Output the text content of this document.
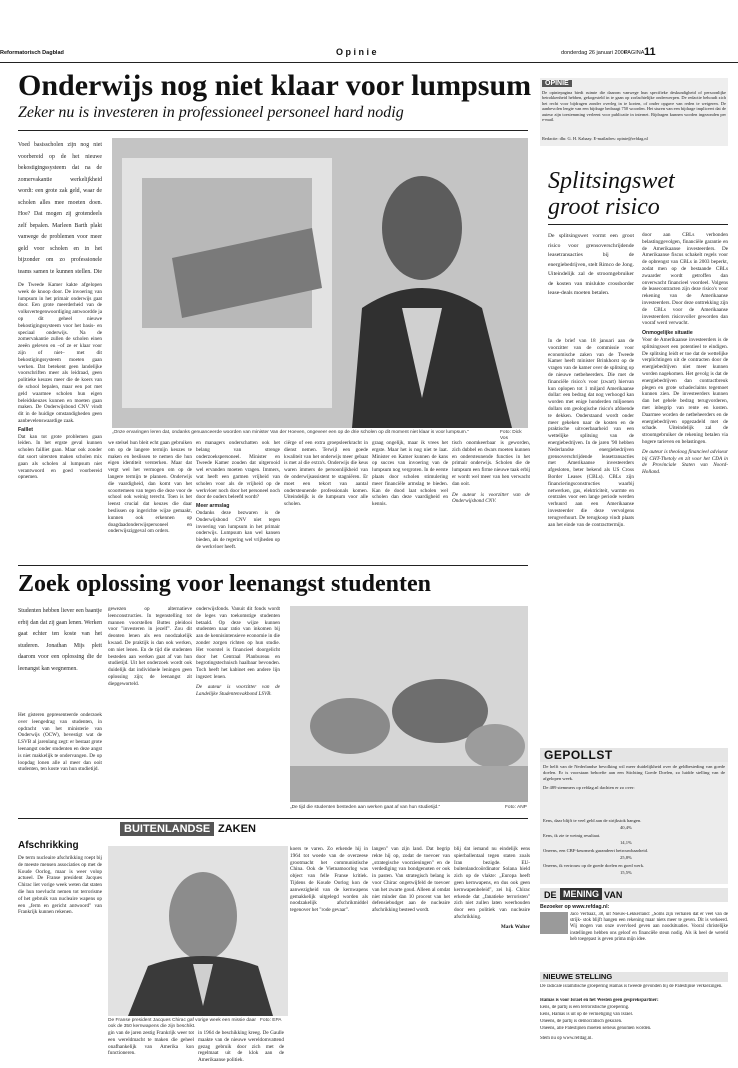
Reformatorisch Dagblad	O p i n i e	donderdag 26 januari 2006
PAGINA 11
Onderwijs nog niet klaar voor lumpsum
Zeker nu is investeren in professioneel personeel hard nodig
Voed basisscholen zijn nog niet voorbereid op de het nieuwe bekostigingssysteem dat na de zomervakantie werkelijkheid wordt: een grote zak geld, waar de scholen alles mee moeten doen. Hoe? Dat mogen zij grotendeels zelf bepalen. Marleen Barth plakt vanwege de problemen voor meer geld voor scholen en in het bijzonder om zo professionele teams samen te kunnen stellen. Die
„Onze ervaringen leren dat, ondanks genuanceerde woorden van minister Van der Hoeven, ongeveer een op de drie scholen op dit moment niet klaar is voor lumpsum."	Foto: Dick Vos
De Tweede Kamer kakte afgelopen week de knoop door. De invoering van lumpsum in het primair onderwijs gaat door. Een grote meerderheid van de volksvertegenwoordiging antwoordde ja op dit geheel nieuwe bekostigingssysteem voor het basis- en speciaal onderwijs. Na de zomervakantie zullen de scholen einen zeeën geleven en –of ze er klaar voor zijn of niet– met dit bekostigingssysteem moeten gaan werken. Dat betekent geen landelijke voorschriften meer als leidraad, geen politieke keuzes meer die de koers van de school bepalen, maar een pot met geld waarmee scholen hun eigen beleidskeuzes kunnen en moeten gaan maken. De Onderwijsbond CNV vindt dit in de huidige omstandigheden geen aanbevelenswaardige zaak.
Faillet
Dat kan tot grote problemen gaan leiden. In het ergste geval kunnen scholen failliet gaan. Maar ook zonder dat soort uitersten maken scholen mix gaan als scholen al lumpsum niet verantwoord en goed voorbereid opnemen.
we stelsel hun bleit echt gaan gebruiken om op de langere termijn keuzes te maken en beslissen te nemen die hun eigen identiteit versterken. Maar dat vergt wel het vermogen om op de langere termijn te plannen. Onderwijs die vaardigheid, dan komt van het scoortemeen van tegen die deze voor de school ook weinig terecht. Toen is het leenst crucial dat keuzes die daar beslissen op ingerichte wijze gemaakt, kunnen ook erkennen op doagdaadonderwijspersoneel en onderwijsziggeval om orders.
en managers onderschatten ook het belang van strenge onderzoekspersoneel. Minister en Tweede Kamer zouden dat uitgerooid wel ervanden moeten vragen. Immers, wat heeft een garmen vrijheid van scholen voor als de vrijheid op de werkvloer noch door het personeel noch door de ouders beleefd wordt?
Meer armslag
Ondanks deze bezwaren is de Onderwijsbond CNV niet tegen invoering van lumpsum in het primair onderwijs. Lumpsum kan wel kansen bieden, als de regering wel vrijheden op de werkvloer heeft.
ciërge of een extra groepsleerkracht in dienst nemen. Terwijl een goede kwaliteit van het onderwijs meer gebaat is met al die extra's. Onderwijs die keus waren immers de persoonlijkheid van de onderwijsassistent te stagniëren. Er moet een tekort van aantal ondersteunende professionals komen. Uiteindelijk is de lumpsum voor alle scholen.
graag ongelijk, maar ik vrees het ergste. Maar het is nog niet te laat. Minister en Kamer kunnen de kans op succes van invoering van de lumpsum nog vergroten. In de eerste plaats door scholen stimulering meer financiële armslag te bieden. Kan de dood laat scholen wel scholen dan deze vaardigheid en kennis.
tisch onomkeerbaar is geworden, zich dubbel en dwars moeten kunnen en ondersteunende functies in het primair onderwijs. Scholen die de lumpsum een firme nieuwe taak erbij er wordt wel meer van hen verwacht dan ooit.
De auteur is voorzitter van de Onderwijsbond CNV.
OPINIE
De opiniepagina biedt ruimte die daarom vanwege hun specifieke deskundigheid of persoonlijke betrokkenheid hebben, gekogesteld in te gaan op zorlachtelijke onderwerpen. De redactie behoudt zich het recht voor bijdragen zonder overleg in te korten, of onder opgave van reden te weigeren. De aanbevolen lengte van een bijdrage bedraagt 750 woorden. Het sturen van een bijdrage impliceert dat de auteur zijn toestemming verleent voor publicatie in internet. Bijdragen kunnen worden ingezonden per e-mail.
Redactie: dhr. G. H. Kabaay. E-mailadres: opinie@refdag.nl
Splitsingswet
groot risico
De splitsingswet vormt een groot risico voor grensoverschrijdende leasetransacties bij de energiebedrijven, stelt Rimco de Jong. Uiteindelijk zal de stroomgebruiker de kosten van mislukte crossborder lease-deals moeten betalen.
In de brief van 18 januari aan de voorzitter van de commissie voor economische zaken van de Tweede Kamer heeft minister Brinkhorst op de vragen van de kamer over de splitsing op de nieuwe netbeheerders. Die met de financiële risico's voor (zwart) hiervan kun oplopen tot 1 miljard Amerikaanse dollar: een bedrag dat nog verhoogd kan worden met enige honderden miljoenen dollars om geologische risico's afdoende te dekken. Onderstaand wordt onder meer gekeken naar de kosten en de praktische uitvoerbaarheid van een wettelijke splitsing van de energiebedrijven. In de jaren '90 hebben Nederlandse energiebedrijven grensoverschrijdende leasetransacties met Amerikaanse investeerders afgesloten, beter bekend als US Cross Border Leases (CBLs). CBLs zijn financieringsconstructies waarbij netwerken, gas, elektriciteit, warmte en centrales voor een lange periode werden verhuurd aan een Amerikaanse investeerder die deze vervolgens terugverhuurt. De terugkoop vindt plaats aan het einde van de contracttermijn.
door aan CBLs verbonden belastinggevolgen, financiële garantie en de Amerikaanse investeerders. De Amerikaanse fiscus schakelt regels voor de opbrengst van CBLs in 2003 beperkt, zodat men op de bestaande CBLs zwaarder wordt getroffen dan onverwacht financieel voordeel. Volgens de leasecontracten zijn deze risico's voor rekening van de Amerikaanse investeerders. Door deze onttrekking zijn de CBLs voor de Amerikaanse investeerders risicovoller geworden dan vooraf werd verwacht.
Onmogelijke situatie
Voor de Amerikaanse investeerders is de splitsingswet een potentieel te eindigen. De splitsing leidt er toe dat de wettelijke verplichtingen uit de contracten door de energiebedrijven niet meer kunnen worden nagekomen. Het gevolg is dat de energiebedrijven dan contractbreuk plegen en grote schadeclaims tegemoet kunnen zien. De investeerders kunnen dan het gehele bedrag terugvorderen, met inbegrip van rente en kosten. Daarmee worden de netbeheerders en de energiebedrijven opgezadeld met de schade. Uiteindelijk zal de stroomgebruiker de rekening betalen via hogere tarieven en belastingen.
De auteur is theoloog financieel adviseur bij CHT-Thetoly en zit voor het CDA in de Provinciale Staten van Noord-Holland.
Zoek oplossing voor leenangst studenten
Studenten hebben liever een baantje erbij dan dat zij gaan lenen. Werken gaat echter ten koste van het studeren. Jonathan Mijs pleit daarom voor een oplossing die de leenangst kan wegnemen.
Het gisteren gepresenteerde onderzoek over leengedrag van studenten, in opdracht van het ministerie van Onderwijs (OCW), bevestigt wat de LSVB al jarenlang zegt: er bestaat grote leenangst onder studenten en deze angst is niet makkelijk te ondervangen. De op loopdag lonen alle al meer dan ooit studenten, ten koste van hun studietijd.
gewezen op alternatieve leenconstructies. In tegenstelling tot mannen voorstellen Buttes pleidooi voor "investeren in jezelf". Zou dit deonten lenen als een noodzakelijk kwaad. De praktijk is dan ook werken, om niet lenen. En de tijd die studenten besteden aan werken gaat af van hun studietijd. Uit het onderzoek wordt ook duidelijk dat individuele leningen geen oplossing zijn; de leenangst zit diepgeworteld.
onderwijsfonds. Vanuit dit fonds wordt de leges van toekomstige studenten betaald. Op deze wijze kunnen studenten naar ratio van inkomen bij aan de kennisintensieve economie in die zonder zorgen richten op hun studie. Het voorstel is financieel doorgelicht door het Centraal Planbureau en begrotingstechnisch haalbaar bevonden. Toch heeft het kabinet een andere lijn ingezet: lenen.
De auteur is voorzitter van de Landelijke Studentenvakbond LSVB.
„De tijd die studenten besteden aan werken gaat af van hun studietijd."	Foto: ANP
GEPOLLST
De helft van de Nederlandse bevolking wil meer duidelijkheid over de geldbesteding van goede doelen. Er is voorstaan behoefte aan een Stichting Goede Doelen, zo luidde stelling van de afgelopen week.
De 489 stemmers op refdag.nl dachten er zo over:
Eens, daar blijft te veel geld aan de strijkstok hangen.
40,4%
Eens, ik zie te weinig resultaat.
14,1%
Oneens, een CBF-keurmerk garandeert betrouwbaarheid.
25,8%
Oneens, ik vertrouw op de goede doelen en goed werk.
15,5%
DE MENING VAN
Bezoeker op www.refdag.nl:
Jaco Verbaaz, 38, uit Nieuw-Lekkerland: „Soms zijn verhalen dat er veel van de strijk- stok blijft hangen een rekening maar niets meer te geven. Dit is verkeerd. Wij mogen van onze overvloed geven aan noodsituaties. Vooral christelijke instellingen hebben ons geloof en financiële steun nodig. Als ik heel de wereld heb toegepast is geven prima mijn idee.
NIEUWE STELLING
De radicale islamitische groepering Hamas is tweede gevonden bij de Palestijnse verkiezingen.
Hamas is voor Israël en het Westen geen gesprekspartner:
Eens, de partij is een terroristische groepering.
Eens, Hamas is uit op de vernietiging van Israël.
Oneens, de partij is democratisch gekozen.
Oneens, alle Palestijnen moeten serieus genomen worden.
Stem nu op www.refdag.nl.
BUITENLANDSE ZAKEN
Afschrikking
De term nucleaire afschrikking roept bij de meeste mensen associaties op met de Koude Oorlog, maar is weer volop actueel. De Franse president Jacques Chirac liet vorige week weten dat staten die hun toevlucht nemen tot terrorisme of het gebruik van nucleaire wapens op een „ferm en gericht antwoord" van Frankrijk kunnen rekenen.
De Franse president Jacques Chirac gaf vorige week een missie daar ook de 350 kernwapens die zijn beschikt.
Foto: EPA
gin van de jaren zestig Frankrijk weer tot een wereldmacht te maken die geheel onafhankelijk van Amerika kon functioneren.
in 1964 de beschikking kreeg. De Gaulle maakte van de nieuwe wereldomvattend gezag gebruik door zich met de regelmaat uit de klok aan de Amerikaanse politiek.
koers te varen. Zo erkende hij in 1964 tot woede van de overzeese grootmacht het communistische China. Ook de Vietnamoorlog was object van felle Franse kritiek. Tijdens de Koude Oorlog kon de aanwezigheid van de kernwapens gemakkelijk uitgelegd worden als noodzakelijk afschrikmiddel tegenover het "rode gevaar".
langen" van zijn land. Dat begrip rekte hij op, zodat de toevoer van „strategische voorzieningen" en de verdediging van bondgenoten er ook in pasten. Van strategisch belang is voor Chirac ongetwijfeld de toevoer van het zwarte goud. Alleen al omdat niet minder dan 10 procent van het defensiebudget aan de nucleaire afschrikking besteed wordt.
blij dat iemand nu eindelijk eens spierballentaal tegen staten zoals Iran bezigde. EU-buitenlandcoördinator Solana hield zich op de vlakte: „Europa heeft geen kernwapens, en dus ook geen kernwapenbeleid", zei hij. Chirac erkende dat „fanatieke terroristen" zich niet zullen laten weerhouden door een politiek van nucleaire afschrikking.
Mark Walter
